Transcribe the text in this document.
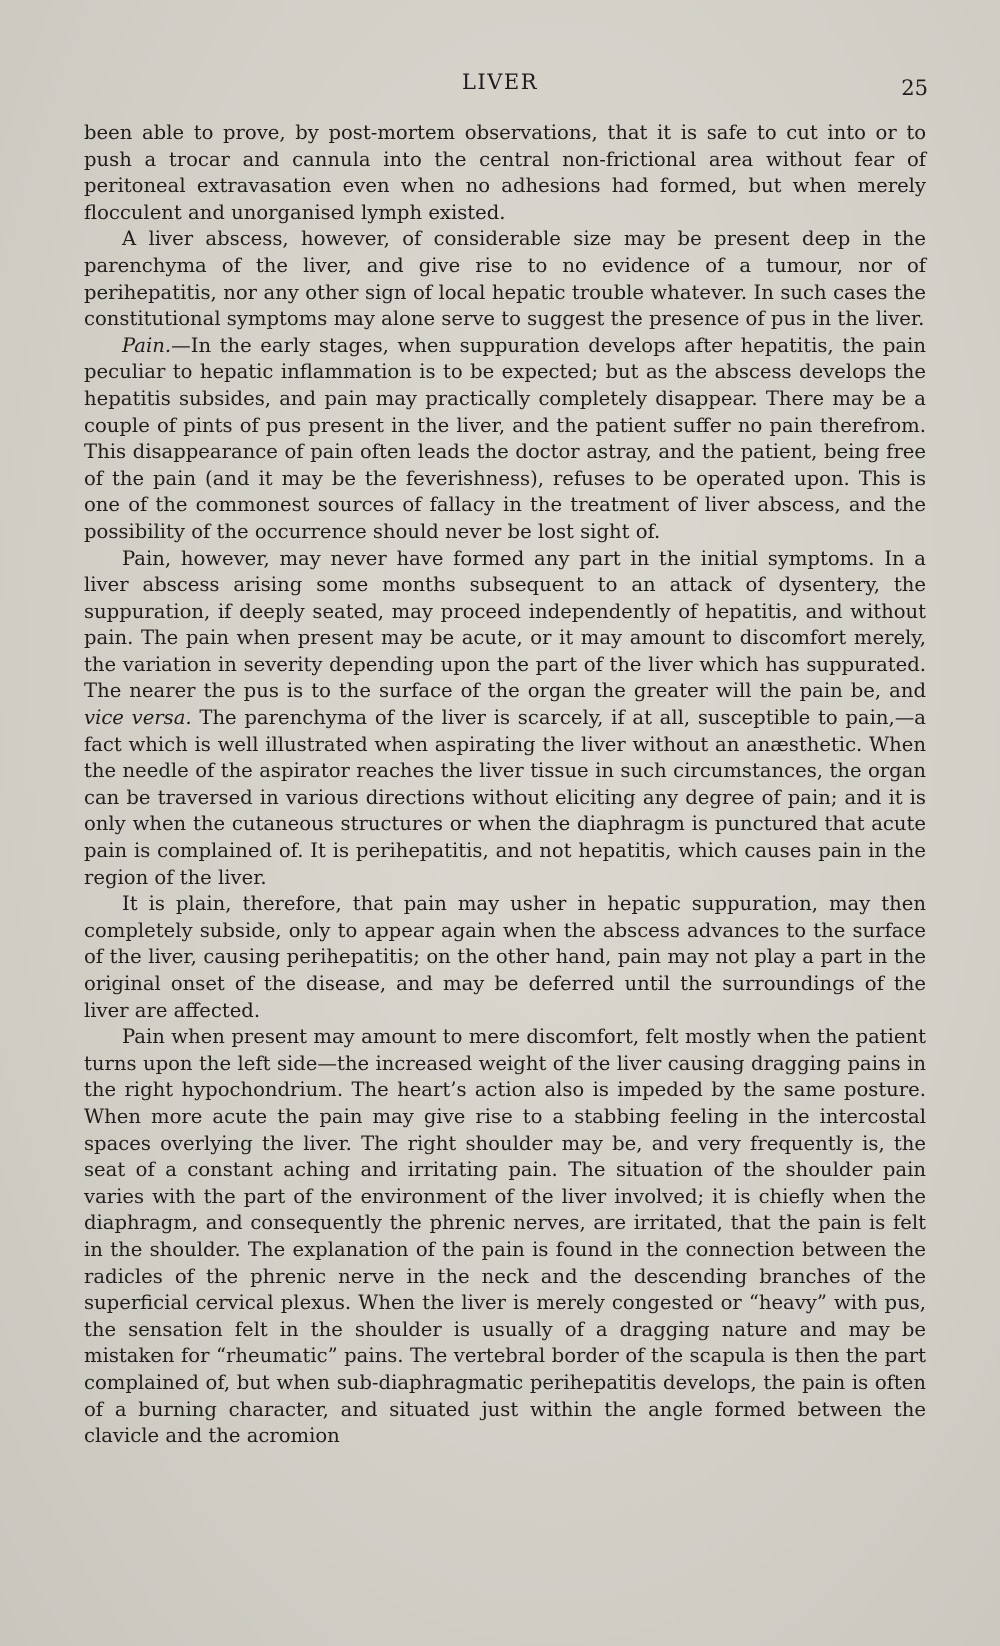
LIVER	25

been able to prove, by post-mortem observations, that it is safe to cut into or to push a trocar and cannula into the central non-frictional area without fear of peritoneal extravasation even when no adhesions had formed, but when merely flocculent and unorganised lymph existed.

A liver abscess, however, of considerable size may be present deep in the parenchyma of the liver, and give rise to no evidence of a tumour, nor of perihepatitis, nor any other sign of local hepatic trouble whatever. In such cases the constitutional symptoms may alone serve to suggest the presence of pus in the liver.

Pain.—In the early stages, when suppuration develops after hepatitis, the pain peculiar to hepatic inflammation is to be expected; but as the abscess develops the hepatitis subsides, and pain may practically completely disappear. There may be a couple of pints of pus present in the liver, and the patient suffer no pain therefrom. This disappearance of pain often leads the doctor astray, and the patient, being free of the pain (and it may be the feverishness), refuses to be operated upon. This is one of the commonest sources of fallacy in the treatment of liver abscess, and the possibility of the occurrence should never be lost sight of.

Pain, however, may never have formed any part in the initial symptoms. In a liver abscess arising some months subsequent to an attack of dysentery, the suppuration, if deeply seated, may proceed independently of hepatitis, and without pain. The pain when present may be acute, or it may amount to discomfort merely, the variation in severity depending upon the part of the liver which has suppurated. The nearer the pus is to the surface of the organ the greater will the pain be, and vice versa. The parenchyma of the liver is scarcely, if at all, susceptible to pain,—a fact which is well illustrated when aspirating the liver without an anæsthetic. When the needle of the aspirator reaches the liver tissue in such circumstances, the organ can be traversed in various directions without eliciting any degree of pain; and it is only when the cutaneous structures or when the diaphragm is punctured that acute pain is complained of. It is perihepatitis, and not hepatitis, which causes pain in the region of the liver.

It is plain, therefore, that pain may usher in hepatic suppuration, may then completely subside, only to appear again when the abscess advances to the surface of the liver, causing perihepatitis; on the other hand, pain may not play a part in the original onset of the disease, and may be deferred until the surroundings of the liver are affected.

Pain when present may amount to mere discomfort, felt mostly when the patient turns upon the left side—the increased weight of the liver causing dragging pains in the right hypochondrium. The heart’s action also is impeded by the same posture. When more acute the pain may give rise to a stabbing feeling in the intercostal spaces overlying the liver. The right shoulder may be, and very frequently is, the seat of a constant aching and irritating pain. The situation of the shoulder pain varies with the part of the environment of the liver involved; it is chiefly when the diaphragm, and consequently the phrenic nerves, are irritated, that the pain is felt in the shoulder. The explanation of the pain is found in the connection between the radicles of the phrenic nerve in the neck and the descending branches of the superficial cervical plexus. When the liver is merely congested or “heavy” with pus, the sensation felt in the shoulder is usually of a dragging nature and may be mistaken for “rheumatic” pains. The vertebral border of the scapula is then the part complained of, but when sub-diaphragmatic perihepatitis develops, the pain is often of a burning character, and situated just within the angle formed between the clavicle and the acromion
